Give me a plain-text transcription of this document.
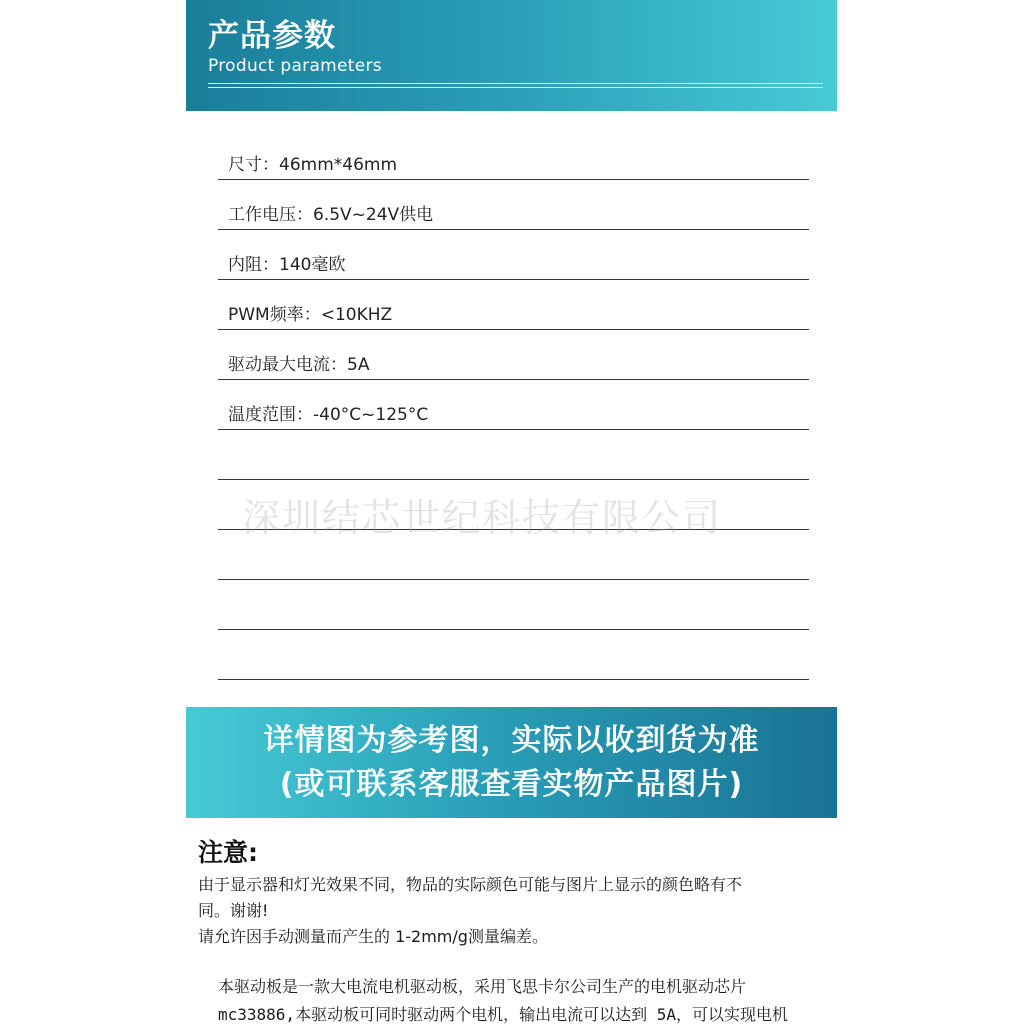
产品参数
Product parameters
尺寸：46mm*46mm
工作电压：6.5V~24V供电
内阻：140毫欧
PWM频率：<10KHZ
驱动最大电流：5A
温度范围：-40°C~125°C
深圳结芯世纪科技有限公司
详情图为参考图，实际以收到货为准
(或可联系客服查看实物产品图片)
注意:
由于显示器和灯光效果不同，物品的实际颜色可能与图片上显示的颜色略有不
同。谢谢!
请允许因手动测量而产生的 1-2mm/g测量编差。
本驱动板是一款大电流电机驱动板，采用飞思卡尔公司生产的电机驱动芯片
mc33886,本驱动板可同时驱动两个电机，输出电流可以达到 5A，可以实现电机
